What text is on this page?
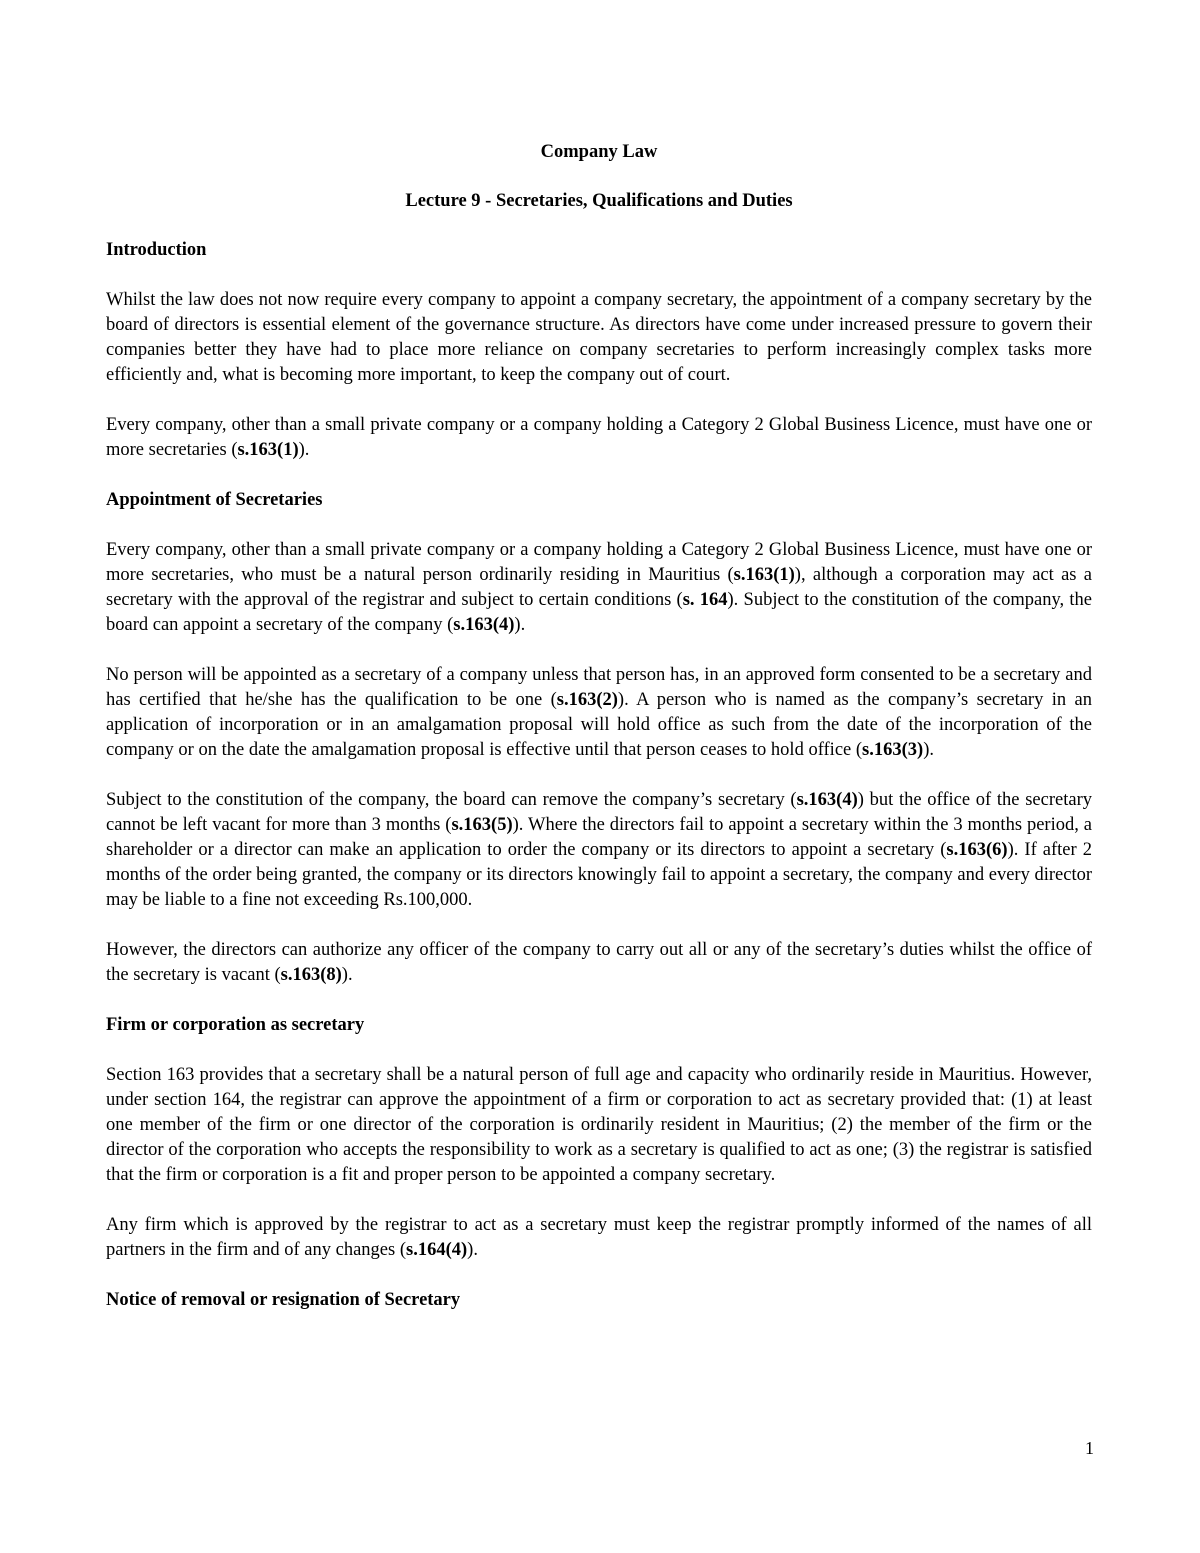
Company Law

Lecture 9 - Secretaries, Qualifications and Duties

Introduction

Whilst the law does not now require every company to appoint a company secretary, the appointment of a company secretary by the board of directors is essential element of the governance structure. As directors have come under increased pressure to govern their companies better they have had to place more reliance on company secretaries to perform increasingly complex tasks more efficiently and, what is becoming more important, to keep the company out of court.

Every company, other than a small private company or a company holding a Category 2 Global Business Licence, must have one or more secretaries (s.163(1)).

Appointment of Secretaries

Every company, other than a small private company or a company holding a Category 2 Global Business Licence, must have one or more secretaries, who must be a natural person ordinarily residing in Mauritius (s.163(1)), although a corporation may act as a secretary with the approval of the registrar and subject to certain conditions (s. 164). Subject to the constitution of the company, the board can appoint a secretary of the company (s.163(4)).

No person will be appointed as a secretary of a company unless that person has, in an approved form consented to be a secretary and has certified that he/she has the qualification to be one (s.163(2)). A person who is named as the company’s secretary in an application of incorporation or in an amalgamation proposal will hold office as such from the date of the incorporation of the company or on the date the amalgamation proposal is effective until that person ceases to hold office (s.163(3)).

Subject to the constitution of the company, the board can remove the company’s secretary (s.163(4)) but the office of the secretary cannot be left vacant for more than 3 months (s.163(5)). Where the directors fail to appoint a secretary within the 3 months period, a shareholder or a director can make an application to order the company or its directors to appoint a secretary (s.163(6)). If after 2 months of the order being granted, the company or its directors knowingly fail to appoint a secretary, the company and every director may be liable to a fine not exceeding Rs.100,000.

However, the directors can authorize any officer of the company to carry out all or any of the secretary’s duties whilst the office of the secretary is vacant (s.163(8)).

Firm or corporation as secretary

Section 163 provides that a secretary shall be a natural person of full age and capacity who ordinarily reside in Mauritius. However, under section 164, the registrar can approve the appointment of a firm or corporation to act as secretary provided that: (1) at least one member of the firm or one director of the corporation is ordinarily resident in Mauritius; (2) the member of the firm or the director of the corporation who accepts the responsibility to work as a secretary is qualified to act as one; (3) the registrar is satisfied that the firm or corporation is a fit and proper person to be appointed a company secretary.

Any firm which is approved by the registrar to act as a secretary must keep the registrar promptly informed of the names of all partners in the firm and of any changes (s.164(4)).

Notice of removal or resignation of Secretary

1
